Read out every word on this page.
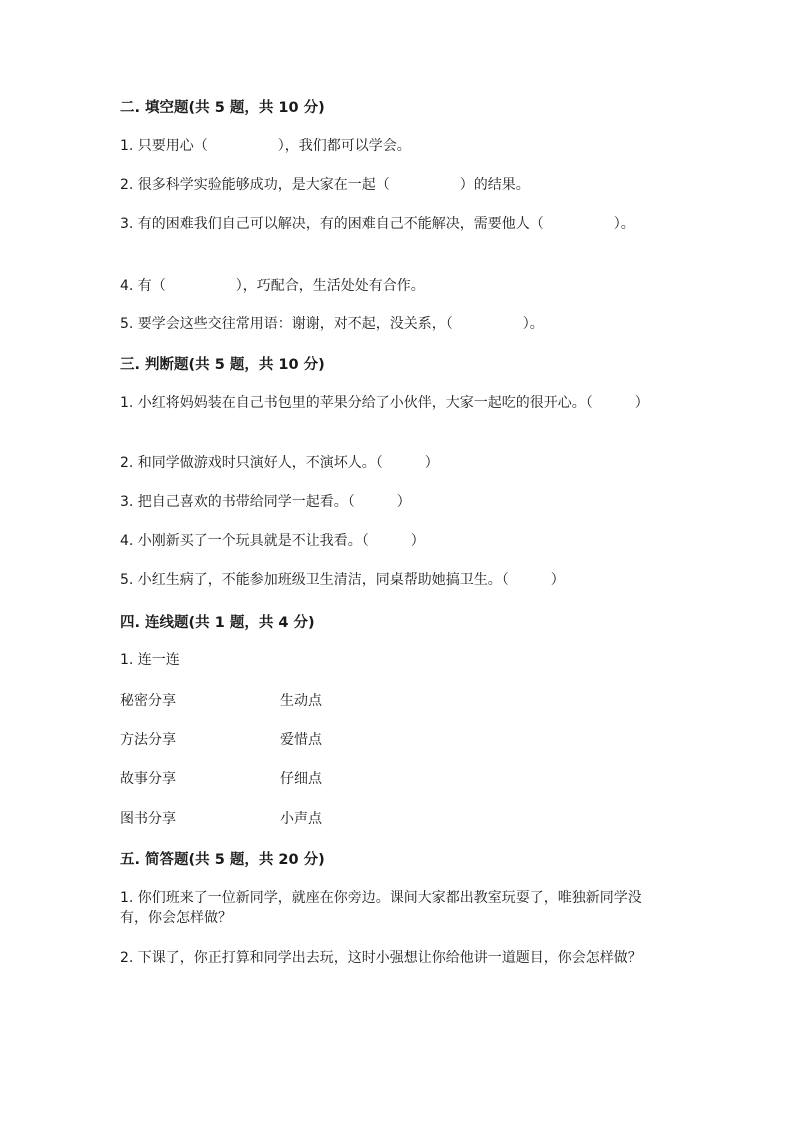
二. 填空题(共 5 题，共 10 分)
1. 只要用心（　　　　　），我们都可以学会。
2. 很多科学实验能够成功，是大家在一起（　　　　　）的结果。
3. 有的困难我们自己可以解决，有的困难自己不能解决，需要他人（　　　　　）。
4. 有（　　　　　），巧配合，生活处处有合作。
5. 要学会这些交往常用语：谢谢，对不起，没关系，（　　　　　）。
三. 判断题(共 5 题，共 10 分)
1. 小红将妈妈装在自己书包里的苹果分给了小伙伴，大家一起吃的很开心。（　　　）
2. 和同学做游戏时只演好人，不演坏人。（　　　）
3. 把自己喜欢的书带给同学一起看。（　　　）
4. 小刚新买了一个玩具就是不让我看。（　　　）
5. 小红生病了，不能参加班级卫生清洁，同桌帮助她搞卫生。（　　　）
四. 连线题(共 1 题，共 4 分)
1. 连一连
秘密分享	生动点
方法分享	爱惜点
故事分享	仔细点
图书分享	小声点
五. 简答题(共 5 题，共 20 分)
1. 你们班来了一位新同学，就座在你旁边。课间大家都出教室玩耍了，唯独新同学没有，你会怎样做？
2. 下课了，你正打算和同学出去玩，这时小强想让你给他讲一道题目，你会怎样做？
